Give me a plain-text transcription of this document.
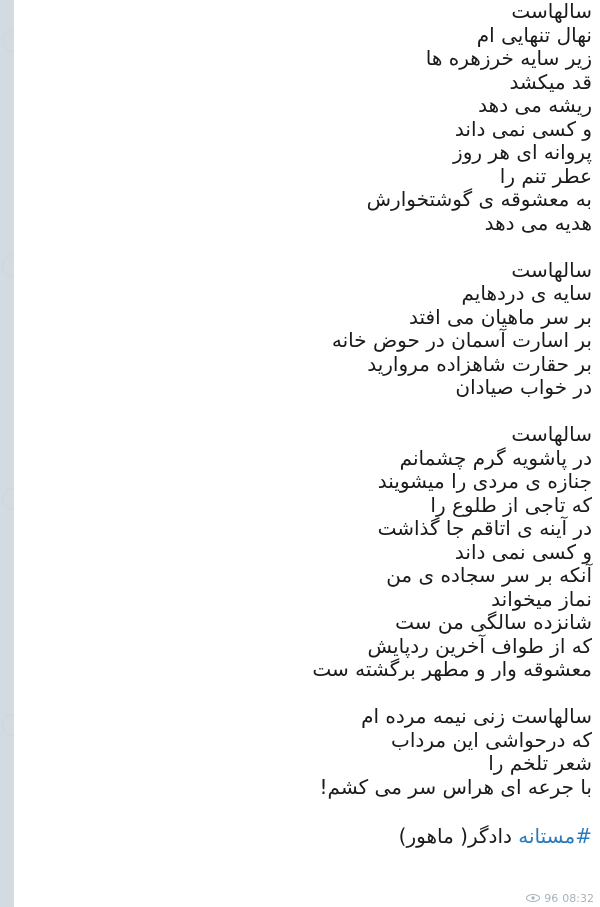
سالهاست
نهال تنهایی ام
زیر سایه خرزهره ها
قد میکشد
ریشه می دهد
و کسی نمی داند
پروانه ای هر روز
عطر تنم را
به معشوقه ی گوشتخوارش
هدیه می دهد
سالهاست
سایه ی دردهایم
بر سر ماهیان می افتد
بر اسارت آسمان در حوض خانه
بر حقارت شاهزاده مروارید
در خواب صیادان
سالهاست
در پاشویه گرم چشمانم
جنازه ی مردی را میشویند
که تاجی از طلوع را
در آینه ی اتاقم جا گذاشت
و کسی نمی داند
آنکه بر سر سجاده ی من
نماز میخواند
شانزده سالگی من ست
که از طواف آخرین ردپایش
معشوقه وار و مطهر برگشته ست
سالهاست زنی نیمه مرده ام
که درحواشی این مرداب
شعر تلخم را
با جرعه ای هراس سر می کشم!
#مستانه دادگر( ماهور)
96 08:32
